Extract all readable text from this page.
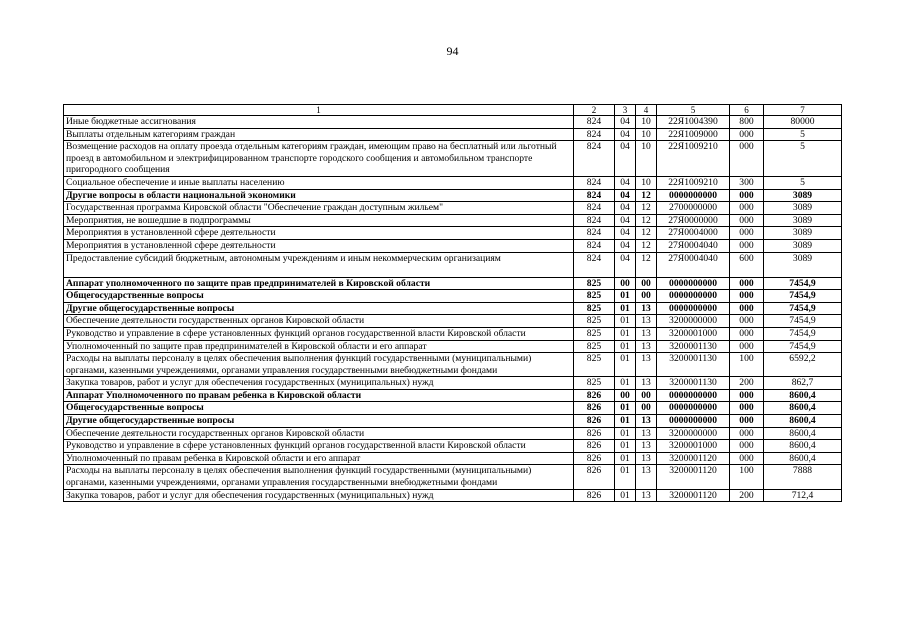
94
1	2	3	4	5	6	7
Иные бюджетные ассигнования	824	04	10	22Я1004390	800	80000
Выплаты отдельным категориям граждан	824	04	10	22Я1009000	000	5
Возмещение расходов на оплату проезда отдельным категориям граждан, имеющим право на бесплатный или льготный проезд в автомобильном и электрифицированном транспорте городского сообщения и автомобильном транспорте пригородного сообщения	824	04	10	22Я1009210	000	5
Социальное обеспечение и иные выплаты населению	824	04	10	22Я1009210	300	5
Другие вопросы в области национальной экономики	824	04	12	0000000000	000	3089
Государственная программа Кировской области "Обеспечение граждан доступным жильем"	824	04	12	2700000000	000	3089
Мероприятия, не вошедшие в подпрограммы	824	04	12	27Я0000000	000	3089
Мероприятия в установленной сфере деятельности	824	04	12	27Я0004000	000	3089
Мероприятия в установленной сфере деятельности	824	04	12	27Я0004040	000	3089
Предоставление субсидий бюджетным, автономным учреждениям и иным некоммерческим организациям	824	04	12	27Я0004040	600	3089
Аппарат уполномоченного по защите прав предпринимателей в Кировской области	825	00	00	0000000000	000	7454,9
Общегосударственные вопросы	825	01	00	0000000000	000	7454,9
Другие общегосударственные вопросы	825	01	13	0000000000	000	7454,9
Обеспечение деятельности государственных органов Кировской области	825	01	13	3200000000	000	7454,9
Руководство и управление в сфере установленных функций органов государственной власти Кировской области	825	01	13	3200001000	000	7454,9
Уполномоченный по защите прав предпринимателей в Кировской области и его аппарат	825	01	13	3200001130	000	7454,9
Расходы на выплаты персоналу в целях обеспечения выполнения функций государственными (муниципальными) органами, казенными учреждениями, органами управления государственными внебюджетными фондами	825	01	13	3200001130	100	6592,2
Закупка товаров, работ и услуг для обеспечения государственных (муниципальных) нужд	825	01	13	3200001130	200	862,7
Аппарат Уполномоченного по правам ребенка в Кировской области	826	00	00	0000000000	000	8600,4
Общегосударственные вопросы	826	01	00	0000000000	000	8600,4
Другие общегосударственные вопросы	826	01	13	0000000000	000	8600,4
Обеспечение деятельности государственных органов Кировской области	826	01	13	3200000000	000	8600,4
Руководство и управление в сфере установленных функций органов государственной власти Кировской области	826	01	13	3200001000	000	8600,4
Уполномоченный по правам ребенка в Кировской области и его аппарат	826	01	13	3200001120	000	8600,4
Расходы на выплаты персоналу в целях обеспечения выполнения функций государственными (муниципальными) органами, казенными учреждениями, органами управления государственными внебюджетными фондами	826	01	13	3200001120	100	7888
Закупка товаров, работ и услуг для обеспечения государственных (муниципальных) нужд	826	01	13	3200001120	200	712,4
